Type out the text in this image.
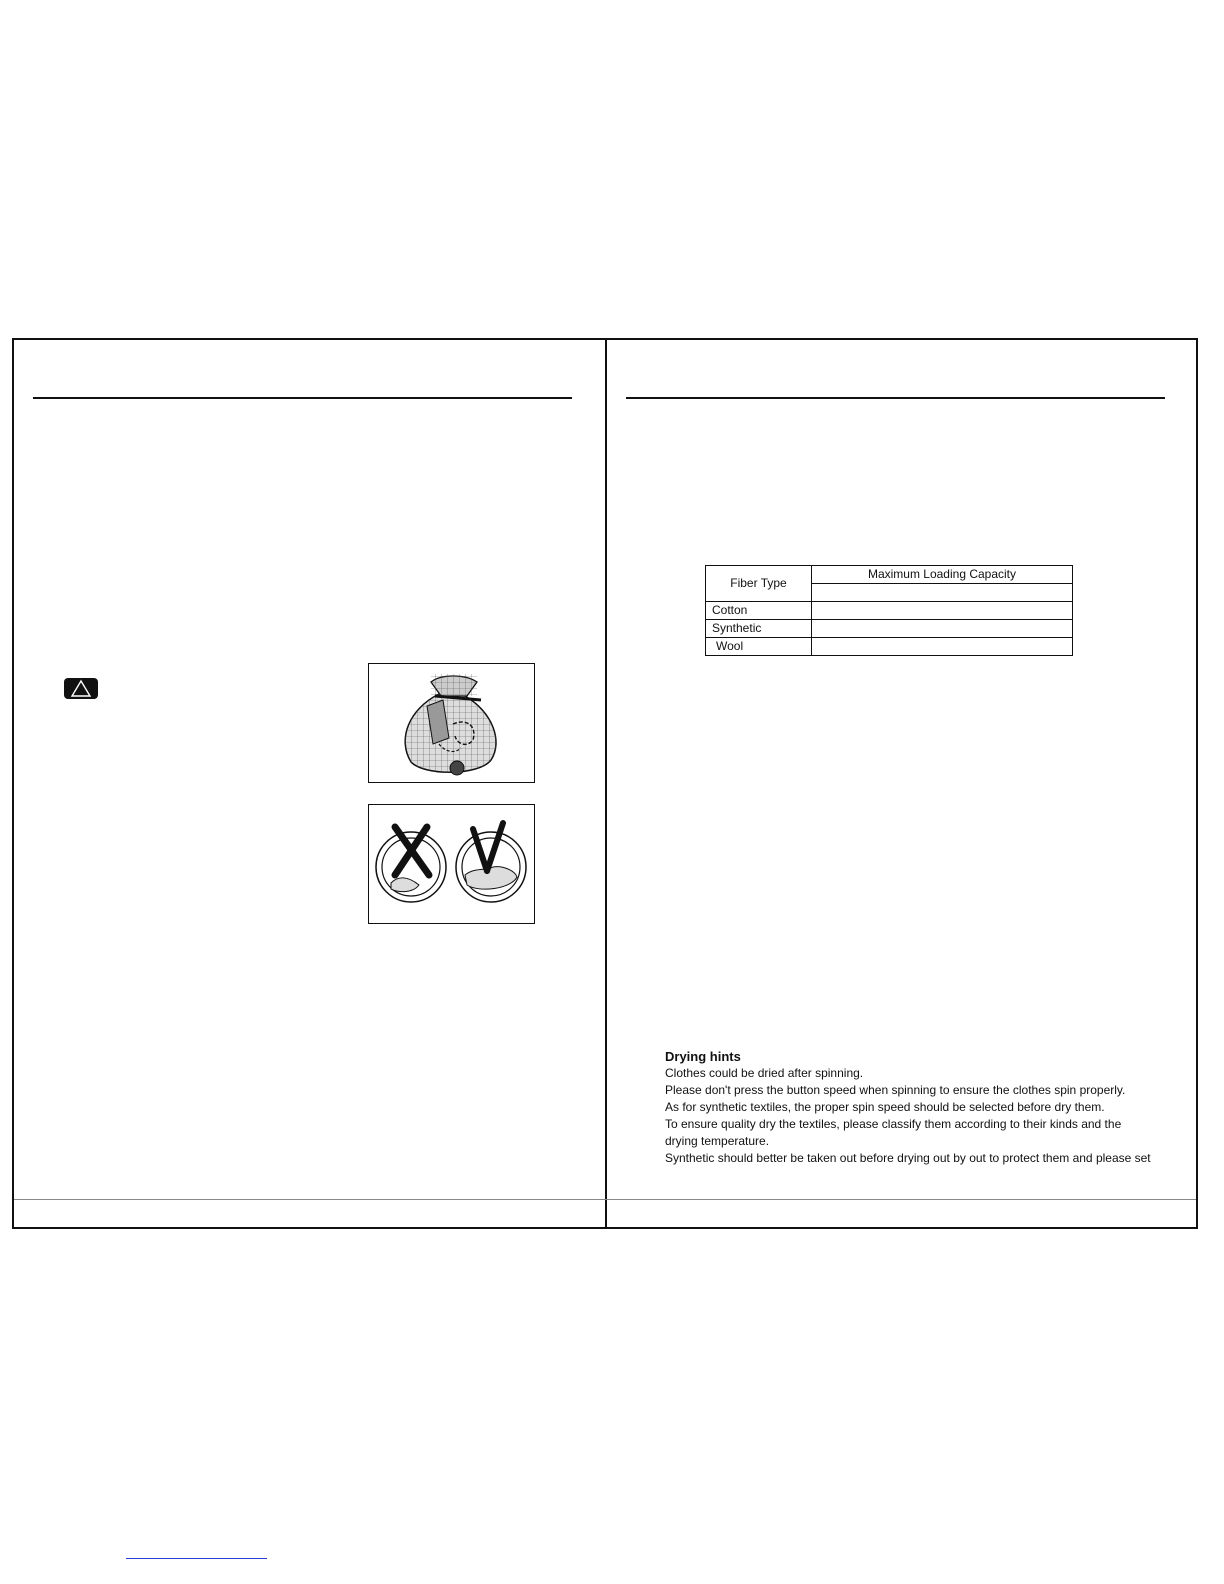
Fiber Type	Maximum Loading Capacity

Cotton	
Synthetic	
Wool	
Drying hints

Clothes could be dried after spinning.

Please don't press the button speed when spinning to ensure the clothes spin properly.

As for synthetic textiles, the proper spin speed should be selected before dry them.

To ensure quality dry the textiles, please classify them according to their kinds and the

drying temperature.

Synthetic should better be taken out before drying out by out to protect them and please set
